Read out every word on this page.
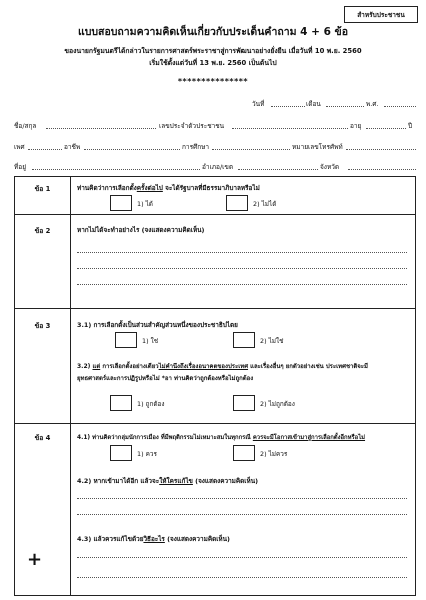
สำหรับประชาชน
แบบสอบถามความคิดเห็นเกี่ยวกับประเด็นคำถาม 4 + 6 ข้อ
ของนายกรัฐมนตรีได้กล่าวในรายการศาสตร์พระราชาสู่การพัฒนาอย่างยั่งยืน เมื่อวันที่ 10 พ.ย. 2560
เริ่มใช้ตั้งแต่วันที่ 13 พ.ย. 2560 เป็นต้นไป
***************
วันที่	เดือน	พ.ศ.
ชื่อ/สกุล	เลขประจำตัวประชาชน	อายุ	ปี
เพศ	อาชีพ	การศึกษา	หมายเลขโทรศัพท์
ที่อยู่	อำเภอ/เขต	จังหวัด
ข้อ 1	ท่านคิดว่าการเลือกตั้งครั้งต่อไป จะได้รัฐบาลที่มีธรรมาภิบาลหรือไม่
1) ได้	2) ไม่ได้
ข้อ 2	หากไม่ได้จะทำอย่างไร (จงแสดงความคิดเห็น)
ข้อ 3	3.1) การเลือกตั้งเป็นส่วนสำคัญส่วนหนึ่งของประชาธิปไตย
1) ใช่	2) ไม่ใช่
3.2) แต่ การเลือกตั้งอย่างเดียวไม่คำนึงถึงเรื่องอนาคตของประเทศ และเรื่องอื่นๆ ยกตัวอย่างเช่น ประเทศชาติจะมี
ยุทธศาสตร์และการปฏิรูปหรือไม่ *อา ท่านคิดว่าถูกต้องหรือไม่ถูกต้อง
1) ถูกต้อง	2) ไม่ถูกต้อง
ข้อ 4	4.1) ท่านคิดว่ากลุ่มนักการเมือง ที่มีพฤติกรรมไม่เหมาะสมในทุกกรณี ควรจะมีโอกาสเข้ามาสู่การเลือกตั้งอีกหรือไม่
1) ควร	2) ไม่ควร
4.2) หากเข้ามาได้อีก แล้วจะให้ใครแก้ไข (จงแสดงความคิดเห็น)
4.3) แล้วควรแก้ไขด้วยวิธีอะไร (จงแสดงความคิดเห็น)
+
